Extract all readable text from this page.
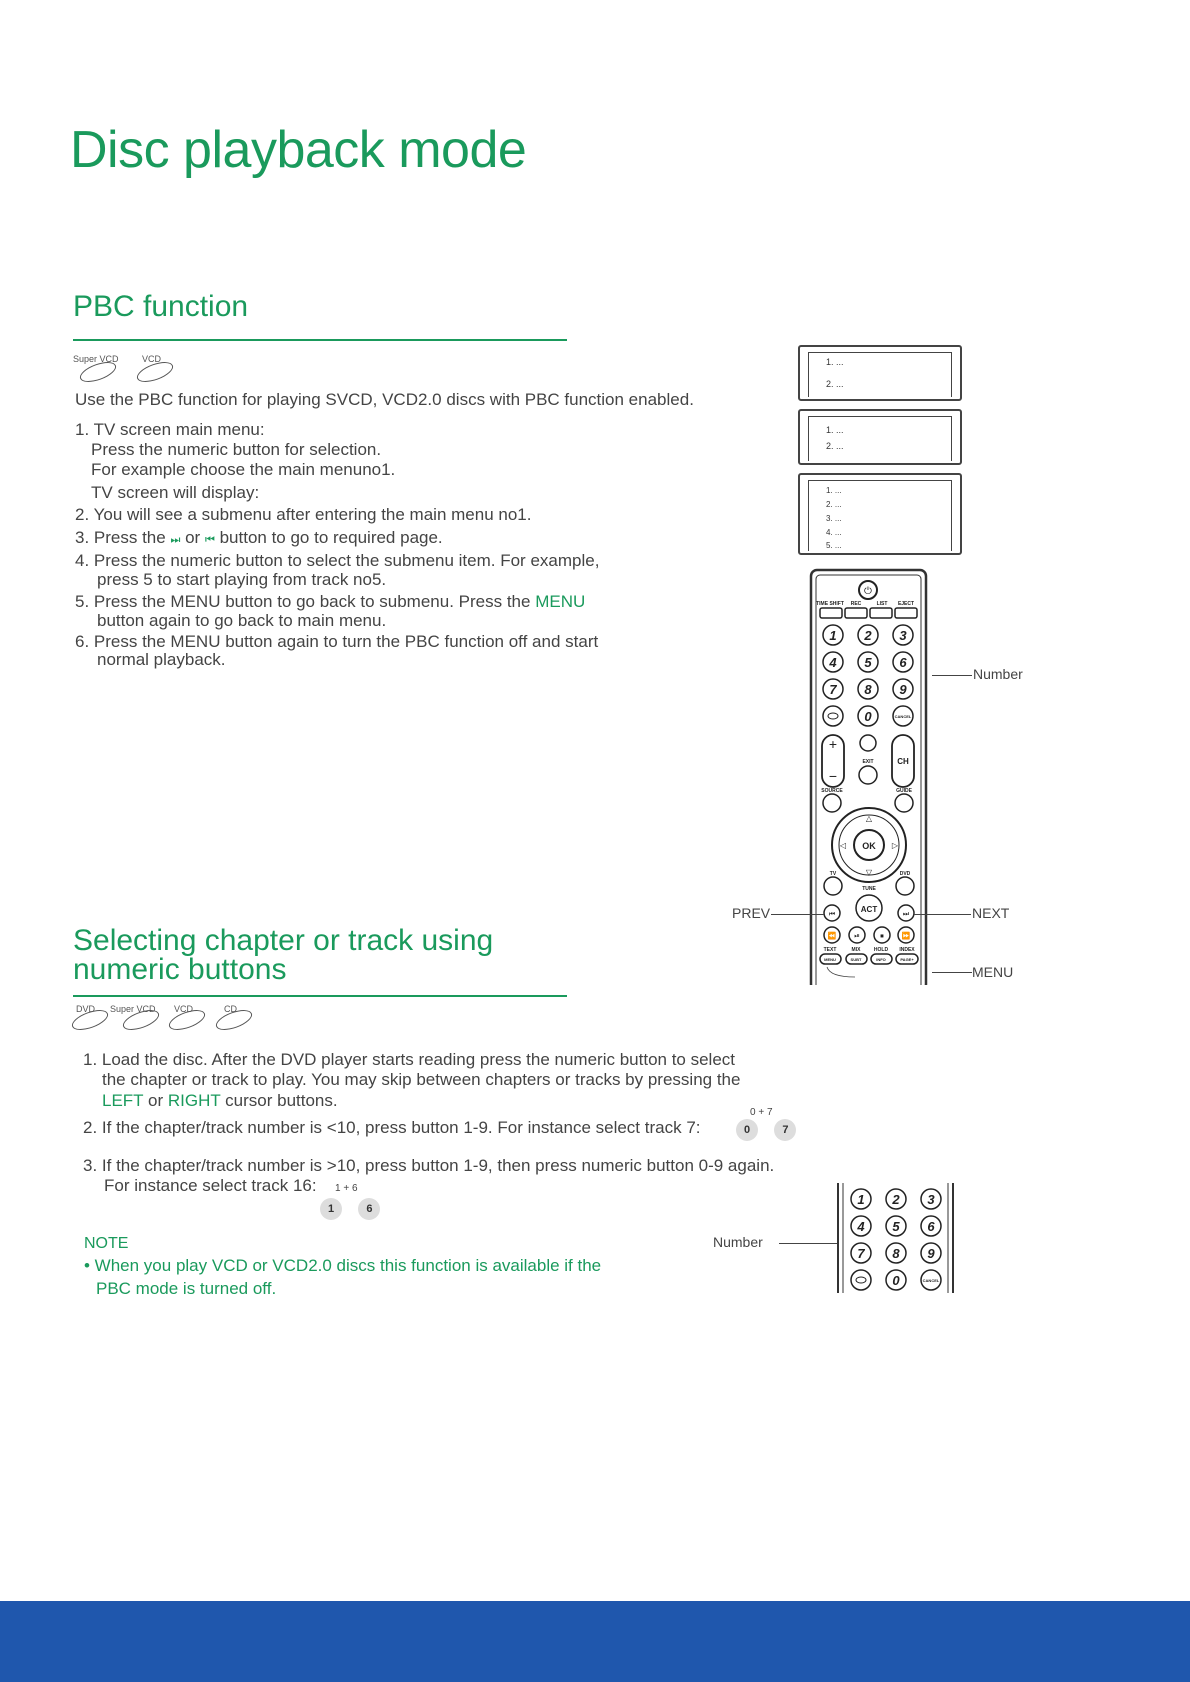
Disc playback mode
PBC function
Super VCD	VCD
Use the PBC function for playing SVCD, VCD2.0 discs with PBC function enabled.
1. TV screen main menu:
Press the numeric button for selection.
For example choose the main menuno1.
TV screen will display:
2. You will see a submenu after entering the main menu no1.
3. Press the ⏭ or ⏮ button to go to required page.
4. Press the numeric button to select the submenu item. For example,
press 5 to start playing from track no5.
5. Press the MENU button to go back to submenu. Press the MENU
button again to go back to main menu.
6. Press the MENU button again to turn the PBC function off and start
normal playback.
1. ...
2. ...
1. ...
2. ...
1. ...
2. ...
3. ...
4. ...
5. ...
⏻
TIME SHIFT REC	LIST EJECT
1 2 3
4 5 6
7 8 9
0	CANCEL
+
−
EXIT	CH
SOURCE	GUIDE
OK
△
▽
◁	▷
TV	DVD
TUNE
ACT
⏮	⏭
⏪	⏯	⏹	⏩
TEXT	MIX	HOLD INDEX
MENU	SUBT	INFO	PAGE+
Number
PREV	NEXT
MENU
Selecting chapter or track using
numeric buttons
DVD Super VCD VCD	CD
1. Load the disc. After the DVD player starts reading press the numeric button to select
the chapter or track to play. You may skip between chapters or tracks by pressing the
LEFT or RIGHT cursor buttons.
0 + 7
2. If the chapter/track number is <10, press button 1-9. For instance select track 7:	0	7
3. If the chapter/track number is >10, press button 1-9, then press numeric button 0-9 again.
For instance select track 16: 1 + 6
1	6
NOTE
• When you play VCD or VCD2.0 discs this function is available if the
PBC mode is turned off.
Number
1 2 3
4 5 6
7 8 9
0	CANCEL
